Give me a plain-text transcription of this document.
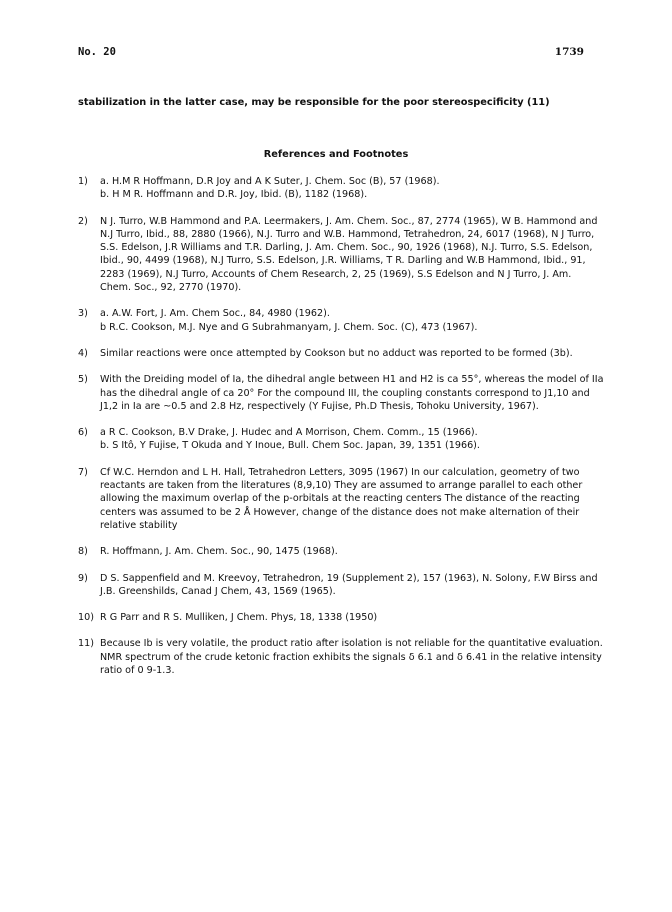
No. 20	1739
stabilization in the latter case, may be responsible for the poor stereospecificity (11)
References and Footnotes
1)	a. H.M R Hoffmann, D.R Joy and A K Suter, J. Chem. Soc (B), 57 (1968).

b. H M R. Hoffmann and D.R. Joy, Ibid. (B), 1182 (1968).

2)	N J. Turro, W.B Hammond and P.A. Leermakers, J. Am. Chem. Soc., 87, 2774 (1965), W B. Hammond and N.J Turro, Ibid., 88, 2880 (1966), N.J. Turro and W.B. Hammond, Tetrahedron, 24, 6017 (1968), N J Turro, S.S. Edelson, J.R Williams and T.R. Darling, J. Am. Chem. Soc., 90, 1926 (1968), N.J. Turro, S.S. Edelson, Ibid., 90, 4499 (1968), N.J Turro, S.S. Edelson, J.R. Williams, T R. Darling and W.B Hammond, Ibid., 91, 2283 (1969), N.J Turro, Accounts of Chem Research, 2, 25 (1969), S.S Edelson and N J Turro, J. Am. Chem. Soc., 92, 2770 (1970).

3)	a. A.W. Fort, J. Am. Chem Soc., 84, 4980 (1962).

b R.C. Cookson, M.J. Nye and G Subrahmanyam, J. Chem. Soc. (C), 473 (1967).

4)	Similar reactions were once attempted by Cookson but no adduct was reported to be formed (3b).

5)	With the Dreiding model of Ia, the dihedral angle between H1 and H2 is ca 55°, whereas the model of IIa has the dihedral angle of ca 20° For the compound III, the coupling constants correspond to J1,10 and J1,2 in Ia are ~0.5 and 2.8 Hz, respectively (Y Fujise, Ph.D Thesis, Tohoku University, 1967).

6)	a R C. Cookson, B.V Drake, J. Hudec and A Morrison, Chem. Comm., 15 (1966).

b. S Itô, Y Fujise, T Okuda and Y Inoue, Bull. Chem Soc. Japan, 39, 1351 (1966).

7)	Cf W.C. Herndon and L H. Hall, Tetrahedron Letters, 3095 (1967) In our calculation, geometry of two reactants are taken from the literatures (8,9,10) They are assumed to arrange parallel to each other allowing the maximum overlap of the p-orbitals at the reacting centers The distance of the reacting centers was assumed to be 2 Å However, change of the distance does not make alternation of their relative stability

8)	R. Hoffmann, J. Am. Chem. Soc., 90, 1475 (1968).

9)	D S. Sappenfield and M. Kreevoy, Tetrahedron, 19 (Supplement 2), 157 (1963), N. Solony, F.W Birss and J.B. Greenshilds, Canad J Chem, 43, 1569 (1965).

10) R G Parr and R S. Mulliken, J Chem. Phys, 18, 1338 (1950)

11) Because Ib is very volatile, the product ratio after isolation is not reliable for the quantitative evaluation. NMR spectrum of the crude ketonic fraction exhibits the signals δ 6.1 and δ 6.41 in the relative intensity ratio of 0 9-1.3.
